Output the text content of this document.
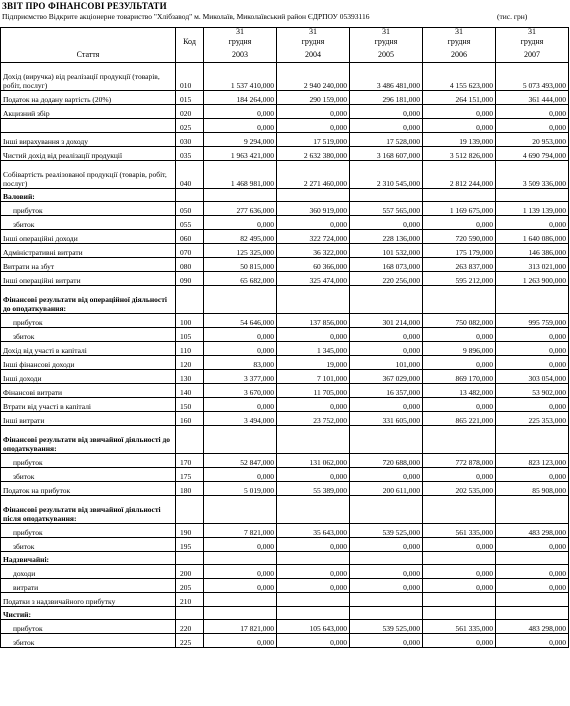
ЗВІТ ПРО ФІНАНСОВІ РЕЗУЛЬТАТИ
Підприємство Відкрите акціонерне товариство "Хлібзавод" м. Миколаїв, Миколаївський район ЄДРПОУ 05393116	(тис. грн)
		31	31	31	31	31
	Код	грудня	грудня	грудня	грудня	грудня
Стаття		2003	2004	2005	2006	2007
Дохід (виручка) від реалізації продукції (товарів, робіт, послуг)	010	1 537 410,000	2 940 240,000	3 486 481,000	4 155 623,000	5 073 493,000
Податок на додану вартість (20%)	015	184 264,000	290 159,000	296 181,000	264 151,000	361 444,000
Акцизний збір	020	0,000	0,000	0,000	0,000	0,000
	025	0,000	0,000	0,000	0,000	0,000
Інші вирахування з доходу	030	9 294,000	17 519,000	17 528,000	19 139,000	20 953,000
Чистий дохід від реалізації продукції	035	1 963 421,000	2 632 380,000	3 168 607,000	3 512 826,000	4 690 794,000
Собівартість реалізованої продукції (товарів, робіт, послуг)	040	1 468 981,000	2 271 460,000	2 310 545,000	2 812 244,000	3 509 336,000
Валовий:						
прибуток	050	277 636,000	360 919,000	557 565,000	1 169 675,000	1 139 139,000
збиток	055	0,000	0,000	0,000	0,000	0,000
Інші операційні доходи	060	82 495,000	322 724,000	228 136,000	720 590,000	1 640 086,000
Адміністративні витрати	070	125 325,000	36 322,000	101 532,000	175 179,000	146 386,000
Витрати на збут	080	50 815,000	60 366,000	168 073,000	263 837,000	313 021,000
Інші операційні витрати	090	65 682,000	325 474,000	220 256,000	595 212,000	1 263 900,000
Фінансові результати від операційної діяльності до оподаткування:						
прибуток	100	54 646,000	137 856,000	301 214,000	750 082,000	995 759,000
збиток	105	0,000	0,000	0,000	0,000	0,000
Дохід від участі в капіталі	110	0,000	1 345,000	0,000	9 896,000	0,000
Інші фінансові доходи	120	83,000	19,000	101,000	0,000	0,000
Інші доходи	130	3 377,000	7 101,000	367 029,000	869 170,000	303 054,000
Фінансові витрати	140	3 670,000	11 705,000	16 357,000	13 482,000	53 902,000
Втрати від участі в капіталі	150	0,000	0,000	0,000	0,000	0,000
Інші витрати	160	3 494,000	23 752,000	331 605,000	865 221,000	225 353,000
Фінансові результати від звичайної діяльності до оподаткування:						
прибуток	170	52 847,000	131 062,000	720 688,000	772 878,000	823 123,000
збиток	175	0,000	0,000	0,000	0,000	0,000
Податок на прибуток	180	5 019,000	55 389,000	200 611,000	202 535,000	85 908,000
Фінансові результати від звичайної діяльності після оподаткування:						
прибуток	190	7 821,000	35 643,000	539 525,000	561 335,000	483 298,000
збиток	195	0,000	0,000	0,000	0,000	0,000
Надзвичайні:						
доходи	200	0,000	0,000	0,000	0,000	0,000
витрати	205	0,000	0,000	0,000	0,000	0,000
Податки з надзвичайного прибутку	210					
Чистий:						
прибуток	220	17 821,000	105 643,000	539 525,000	561 335,000	483 298,000
збиток	225	0,000	0,000	0,000	0,000	0,000
